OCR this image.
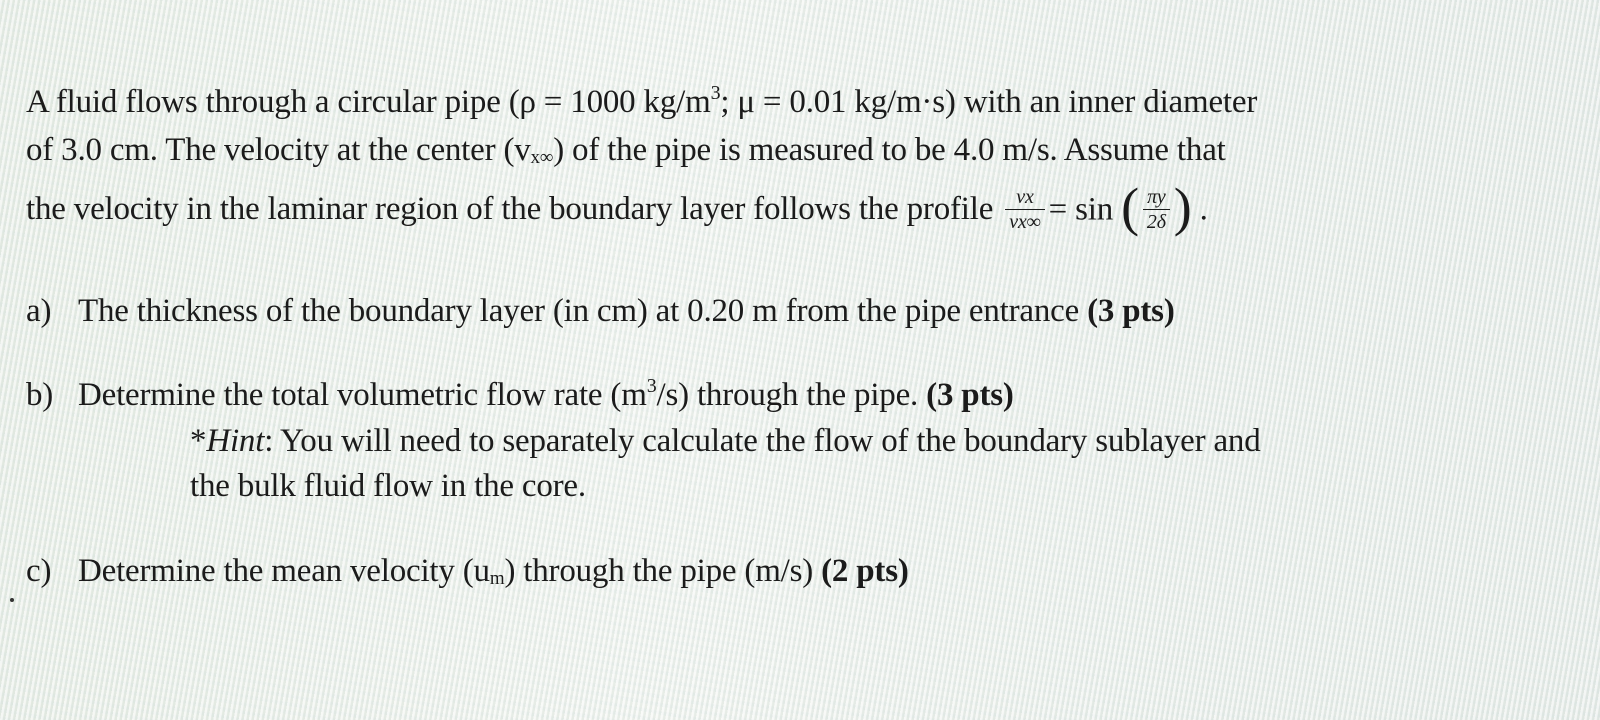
A fluid flows through a circular pipe (ρ = 1000 $kg/m^3$; μ = 0.01 kg/m·s) with an inner diameter
of 3.0 cm. The velocity at the center (vx∞) of the pipe is measured to be 4.0 m/s. Assume that
the velocity in the laminar region of the boundary layer follows the profile $\frac{vx}{vx\infty} = \sin$ ( $\frac{\pi y}{2\delta}$ ) .
a) The thickness of the boundary layer (in cm) at 0.20 m from the pipe entrance (3 pts)
b) Determine the total volumetric flow rate $(m^3/s)$ through the pipe. (3 pts)
*Hint: You will need to separately calculate the flow of the boundary sublayer and
the bulk fluid flow in the core.
c) Determine the mean velocity (um) through the pipe (m/s) (2 pts)
